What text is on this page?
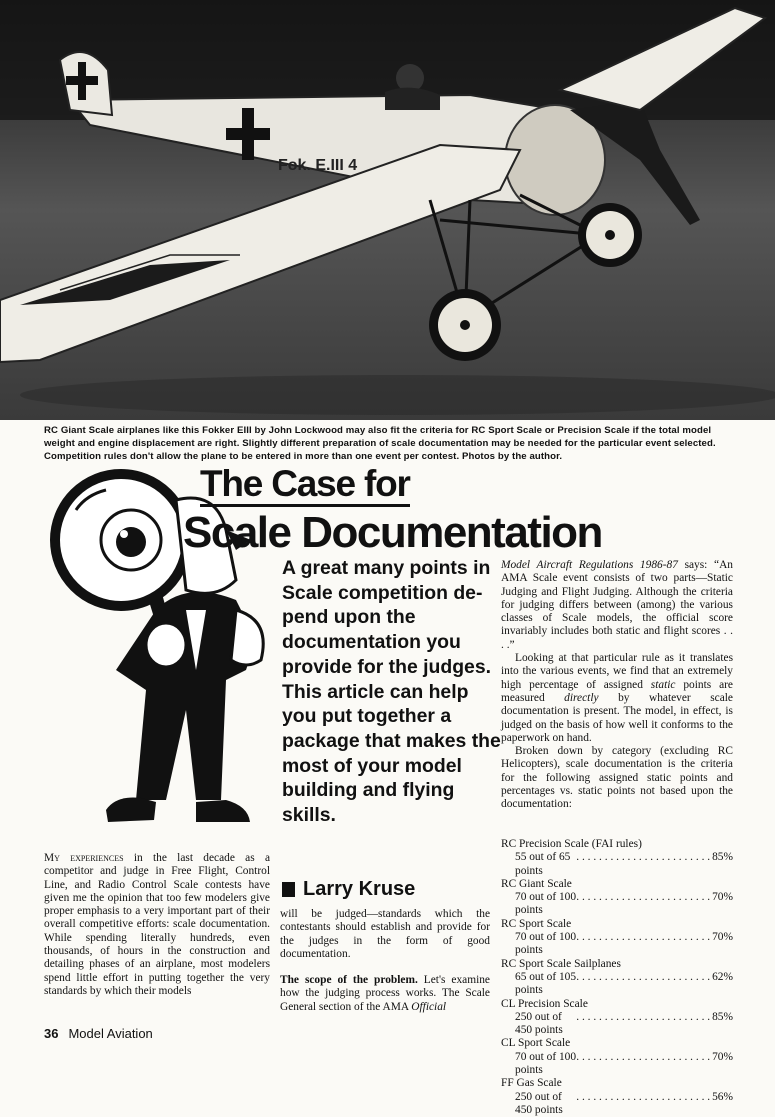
Fok. E.III 4

RC Giant Scale airplanes like this Fokker EIII by John Lockwood may also fit the criteria for RC Sport Scale or Precision Scale if the total model weight and engine displacement are right. Slightly different preparation of scale documentation may be needed for the particular event selected. Competition rules don't allow the plane to be entered in more than one event per contest. Photos by the author.

The Case for
Scale Documentation

A great many points in Scale competition de-pend upon the documentation you provide for the judges. This article can help you put together a package that makes the most of your model building and flying skills.

Larry Kruse

My experiences in the last decade as a competitor and judge in Free Flight, Control Line, and Radio Control Scale contests have given me the opinion that too few modelers give proper emphasis to a very important part of their overall competitive efforts: scale documentation. While spending literally hundreds, even thousands, of hours in the construction and detailing phases of an airplane, most modelers spend little effort in putting together the very standards by which their models

will be judged—standards which the contestants should establish and provide for the judges in the form of good documentation.

The scope of the problem. Let's examine how the judging process works. The Scale General section of the AMA Official

Model Aircraft Regulations 1986-87 says: “An AMA Scale event consists of two parts—Static Judging and Flight Judging. Although the criteria for judging differs between (among) the various classes of Scale models, the official score invariably includes both static and flight scores . . . .”

Looking at that particular rule as it translates into the various events, we find that an extremely high percentage of assigned static points are measured directly by whatever scale documentation is present. The model, in effect, is judged on the basis of how well it conforms to the paperwork on hand.

Broken down by category (excluding RC Helicopters), scale documentation is the criteria for the following assigned static points and percentages vs. static points not based upon the documentation:

RC Precision Scale (FAI rules)

55 out of 65 points
. . . . . . . . . . . . . . . . . . . . . . . . 85%

RC Giant Scale

70 out of 100 points
. . . . . . . . . . . . . . . . . . . . . . . . 70%

RC Sport Scale

70 out of 100 points
. . . . . . . . . . . . . . . . . . . . . . . . 70%

RC Sport Scale Sailplanes

65 out of 105 points
. . . . . . . . . . . . . . . . . . . . . . . . 62%

CL Precision Scale

250 out of 450 points
. . . . . . . . . . . . . . . . . . . . . . . . 85%

CL Sport Scale

70 out of 100 points
. . . . . . . . . . . . . . . . . . . . . . . . 70%

FF Gas Scale

250 out of 450 points
. . . . . . . . . . . . . . . . . . . . . . . . 56%

36 Model Aviation
